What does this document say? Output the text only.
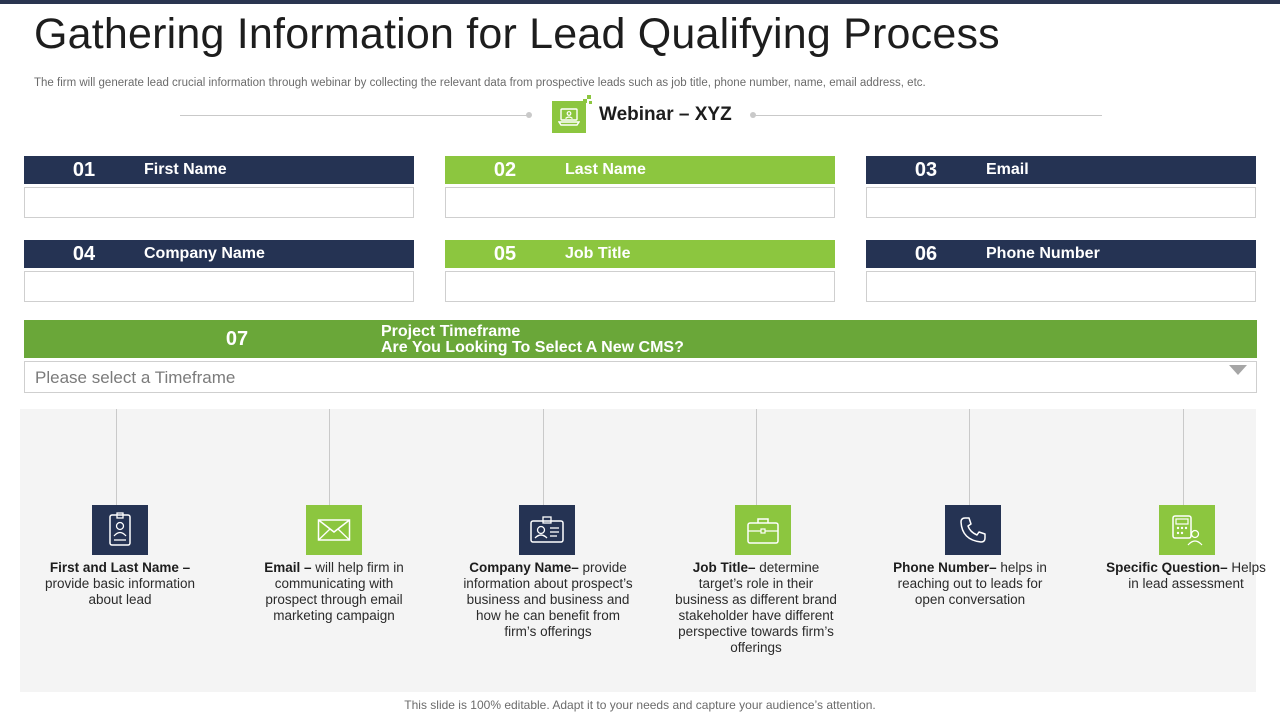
Gathering Information for Lead Qualifying Process

The firm will generate lead crucial information through webinar by collecting the relevant data from prospective leads such as job title, phone number, name, email address, etc.

Webinar – XYZ
01	First Name	02	Last Name	03	Email
04	Company Name	05	Job Title	06	Phone Number
07	Project Timeframe
Are You Looking To Select A New CMS?
Please select a Timeframe
First and Last Name – provide basic information about lead
Email – will help firm in communicating with prospect through email marketing campaign
Company Name– provide information about prospect’s business and business and how he can benefit from firm’s offerings
Job Title– determine target’s role in their business as different brand stakeholder have different perspective towards firm’s offerings
Phone Number– helps in reaching out to leads for open conversation
Specific Question– Helps in lead assessment
This slide is 100% editable. Adapt it to your needs and capture your audience’s attention.
